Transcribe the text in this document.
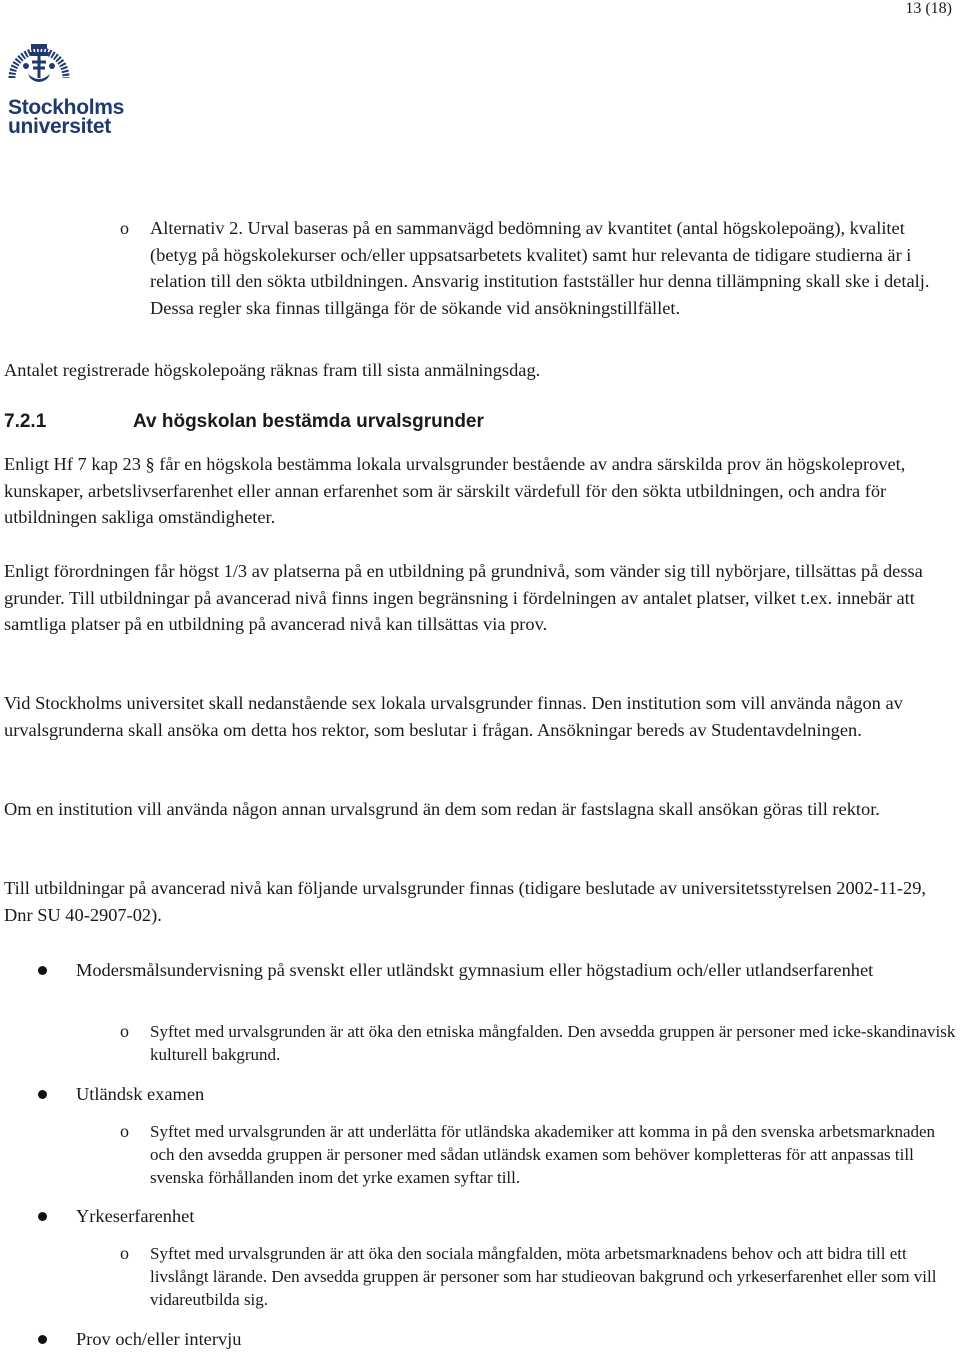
13 (18)
Stockholms
universitet
o Alternativ 2. Urval baseras på en sammanvägd bedömning av kvantitet (antal högskolepoäng), kvalitet (betyg på högskolekurser och/eller uppsatsarbetets kvalitet) samt hur relevanta de tidigare studierna är i relation till den sökta utbildningen. Ansvarig institution fastställer hur denna tillämpning skall ske i detalj. Dessa regler ska finnas tillgänga för de sökande vid ansökningstillfället.
Antalet registrerade högskolepoäng räknas fram till sista anmälningsdag.
7.2.1	Av högskolan bestämda urvalsgrunder
Enligt Hf 7 kap 23 § får en högskola bestämma lokala urvalsgrunder bestående av andra särskilda prov än högskoleprovet, kunskaper, arbetslivserfarenhet eller annan erfarenhet som är särskilt värdefull för den sökta utbildningen, och andra för utbildningen sakliga omständigheter.
Enligt förordningen får högst 1/3 av platserna på en utbildning på grundnivå, som vänder sig till nybörjare, tillsättas på dessa grunder. Till utbildningar på avancerad nivå finns ingen begränsning i fördelningen av antalet platser, vilket t.ex. innebär att samtliga platser på en utbildning på avancerad nivå kan tillsättas via prov.
Vid Stockholms universitet skall nedanstående sex lokala urvalsgrunder finnas. Den institution som vill använda någon av urvalsgrunderna skall ansöka om detta hos rektor, som beslutar i frågan. Ansökningar bereds av Studentavdelningen.
Om en institution vill använda någon annan urvalsgrund än dem som redan är fastslagna skall ansökan göras till rektor.
Till utbildningar på avancerad nivå kan följande urvalsgrunder finnas (tidigare beslutade av universitetsstyrelsen 2002-11-29, Dnr SU 40-2907-02).
Modersmålsundervisning på svenskt eller utländskt gymnasium eller högstadium och/eller utlandserfarenhet
o Syftet med urvalsgrunden är att öka den etniska mångfalden. Den avsedda gruppen är personer med icke-skandinavisk kulturell bakgrund.
Utländsk examen
o Syftet med urvalsgrunden är att underlätta för utländska akademiker att komma in på den svenska arbetsmarknaden och den avsedda gruppen är personer med sådan utländsk examen som behöver kompletteras för att anpassas till svenska förhållanden inom det yrke examen syftar till.
Yrkeserfarenhet
o Syftet med urvalsgrunden är att öka den sociala mångfalden, möta arbetsmarknadens behov och att bidra till ett livslångt lärande. Den avsedda gruppen är personer som har studieovan bakgrund och yrkeserfarenhet eller som vill vidareutbilda sig.
Prov och/eller intervju
